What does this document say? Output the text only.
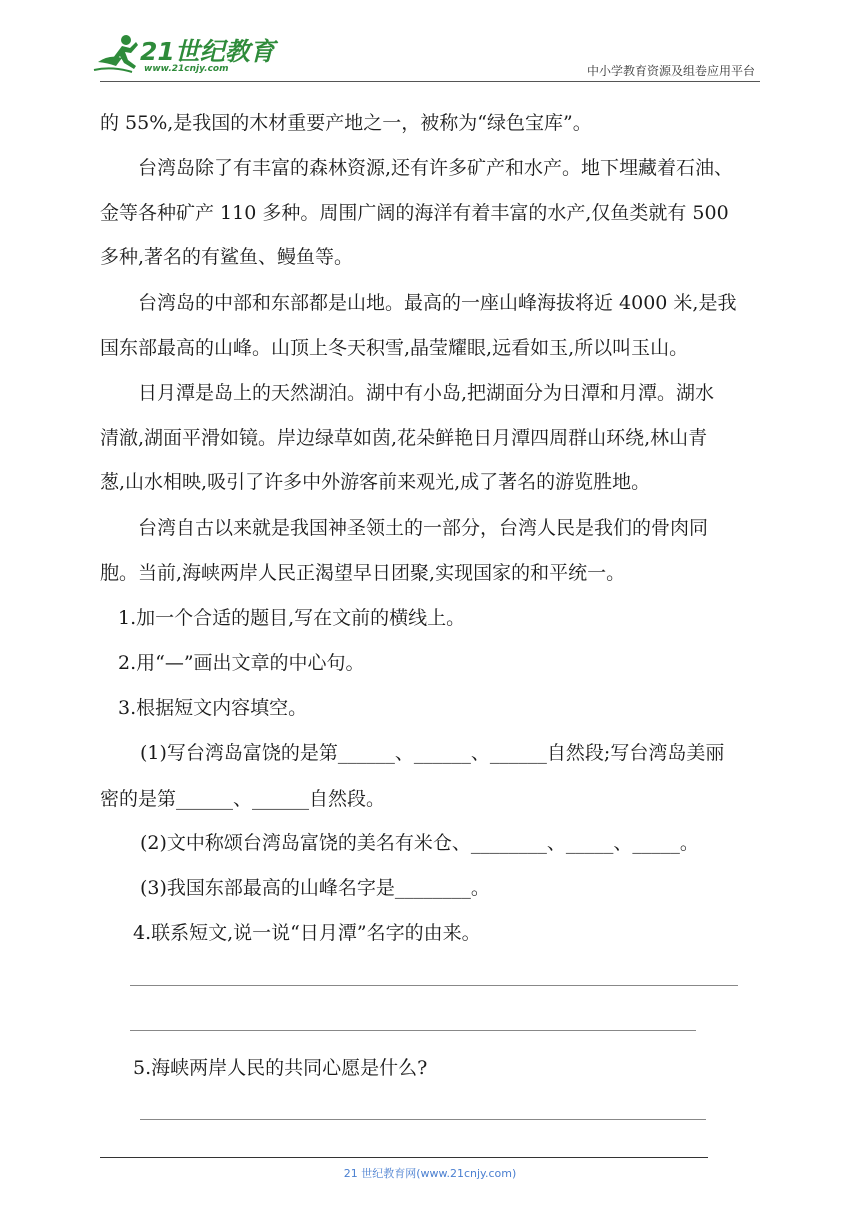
21世纪教育
www.21cnjy.com	中小学教育资源及组卷应用平台
的 55%,是我国的木材重要产地之一，被称为“绿色宝库”。
台湾岛除了有丰富的森林资源,还有许多矿产和水产。地下埋藏着石油、
金等各种矿产 110 多种。周围广阔的海洋有着丰富的水产,仅鱼类就有 500
多种,著名的有鲨鱼、鳗鱼等。
台湾岛的中部和东部都是山地。最高的一座山峰海拔将近 4000 米,是我
国东部最高的山峰。山顶上冬天积雪,晶莹耀眼,远看如玉,所以叫玉山。
日月潭是岛上的天然湖泊。湖中有小岛,把湖面分为日潭和月潭。湖水
清澈,湖面平滑如镜。岸边绿草如茵,花朵鲜艳日月潭四周群山环绕,林山青
葱,山水相映,吸引了许多中外游客前来观光,成了著名的游览胜地。
台湾自古以来就是我国神圣领土的一部分，台湾人民是我们的骨肉同
胞。当前,海峡两岸人民正渴望早日团聚,实现国家的和平统一。
1.加一个合适的题目,写在文前的横线上。
2.用“—”画出文章的中心句。
3.根据短文内容填空。
(1)写台湾岛富饶的是第______、______、______自然段;写台湾岛美丽
密的是第______、______自然段。
(2)文中称颂台湾岛富饶的美名有米仓、________、_____、_____。
(3)我国东部最高的山峰名字是________。
4.联系短文,说一说“日月潭”名字的由来。
5.海峡两岸人民的共同心愿是什么?
21 世纪教育网(www.21cnjy.com)
